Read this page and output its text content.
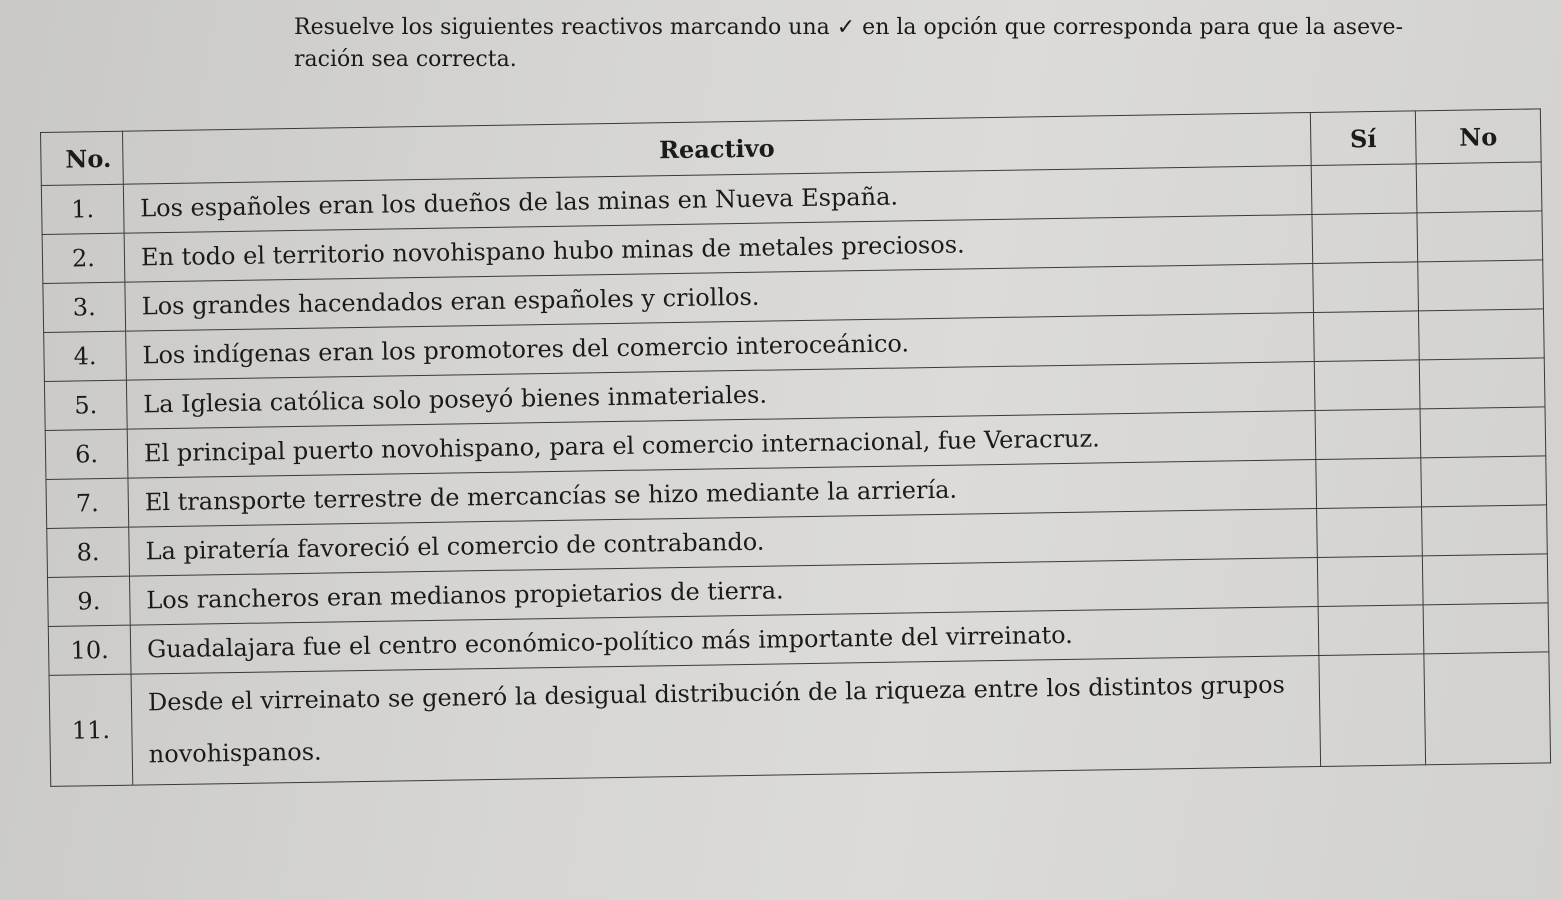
Resuelve los siguientes reactivos marcando una ✓ en la opción que corresponda para que la aseve-
ración sea correcta.
No.	Reactivo	Sí	No
1.	Los españoles eran los dueños de las minas en Nueva España.		
2.	En todo el territorio novohispano hubo minas de metales preciosos.		
3.	Los grandes hacendados eran españoles y criollos.		
4.	Los indígenas eran los promotores del comercio interoceánico.		
5.	La Iglesia católica solo poseyó bienes inmateriales.		
6.	El principal puerto novohispano, para el comercio internacional, fue Veracruz.		
7.	El transporte terrestre de mercancías se hizo mediante la arriería.		
8.	La piratería favoreció el comercio de contrabando.		
9.	Los rancheros eran medianos propietarios de tierra.		
10.	Guadalajara fue el centro económico-político más importante del virreinato.		
11.	Desde el virreinato se generó la desigual distribución de la riqueza entre los distintos grupos novohispanos.		
